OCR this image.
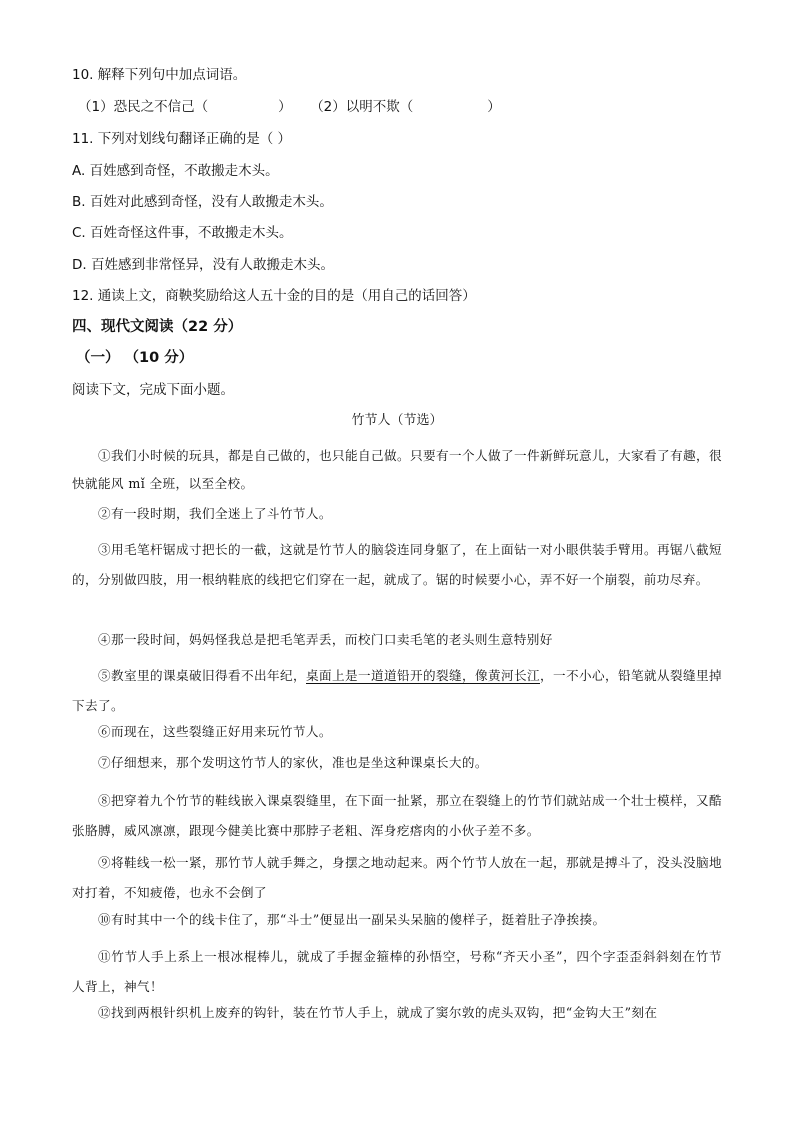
10. 解释下列句中加点词语。
（1）恐民之不信己（	） （2）以明不欺（	）
11. 下列对划线句翻译正确的是（ ）
A. 百姓感到奇怪，不敢搬走木头。
B. 百姓对此感到奇怪，没有人敢搬走木头。
C. 百姓奇怪这件事，不敢搬走木头。
D. 百姓感到非常怪异，没有人敢搬走木头。
12. 通读上文，商鞅奖励给这人五十金的目的是（用自己的话回答）
四、现代文阅读（22 分）
（一） （10 分）
阅读下文，完成下面小题。
竹节人（节选）
①我们小时候的玩具，都是自己做的，也只能自己做。只要有一个人做了一件新鲜玩意儿，大家看了有趣，很快就能风 mǐ 全班，以至全校。
②有一段时期，我们全迷上了斗竹节人。
③用毛笔杆锯成寸把长的一截，这就是竹节人的脑袋连同身躯了，在上面钻一对小眼供装手臂用。再锯八截短的，分别做四肢，用一根纳鞋底的线把它们穿在一起，就成了。锯的时候要小心，弄不好一个崩裂，前功尽弃。
④那一段时间，妈妈怪我总是把毛笔弄丢，而校门口卖毛笔的老头则生意特别好
⑤教室里的课桌破旧得看不出年纪，桌面上是一道道铅开的裂缝，像黄河长江，一不小心，铅笔就从裂缝里掉下去了。
⑥而现在，这些裂缝正好用来玩竹节人。
⑦仔细想来，那个发明这竹节人的家伙，准也是坐这种课桌长大的。
⑧把穿着九个竹节的鞋线嵌入课桌裂缝里，在下面一扯紧，那立在裂缝上的竹节们就站成一个壮士模样，又酷张胳膊，威风凛凛，跟现今健美比赛中那脖子老粗、浑身疙瘩肉的小伙子差不多。
⑨将鞋线一松一紧，那竹节人就手舞之，身摆之地动起来。两个竹节人放在一起，那就是搏斗了，没头没脑地对打着，不知疲倦，也永不会倒了
⑩有时其中一个的线卡住了，那“斗士”便显出一副呆头呆脑的傻样子，挺着肚子净挨揍。
⑪竹节人手上系上一根冰棍棒儿，就成了手握金箍棒的孙悟空，号称“齐天小圣”，四个字歪歪斜斜刻在竹节人背上，神气！
⑫找到两根针织机上废弃的钩针，装在竹节人手上，就成了窦尔敦的虎头双钩，把“金钩大王”刻在
